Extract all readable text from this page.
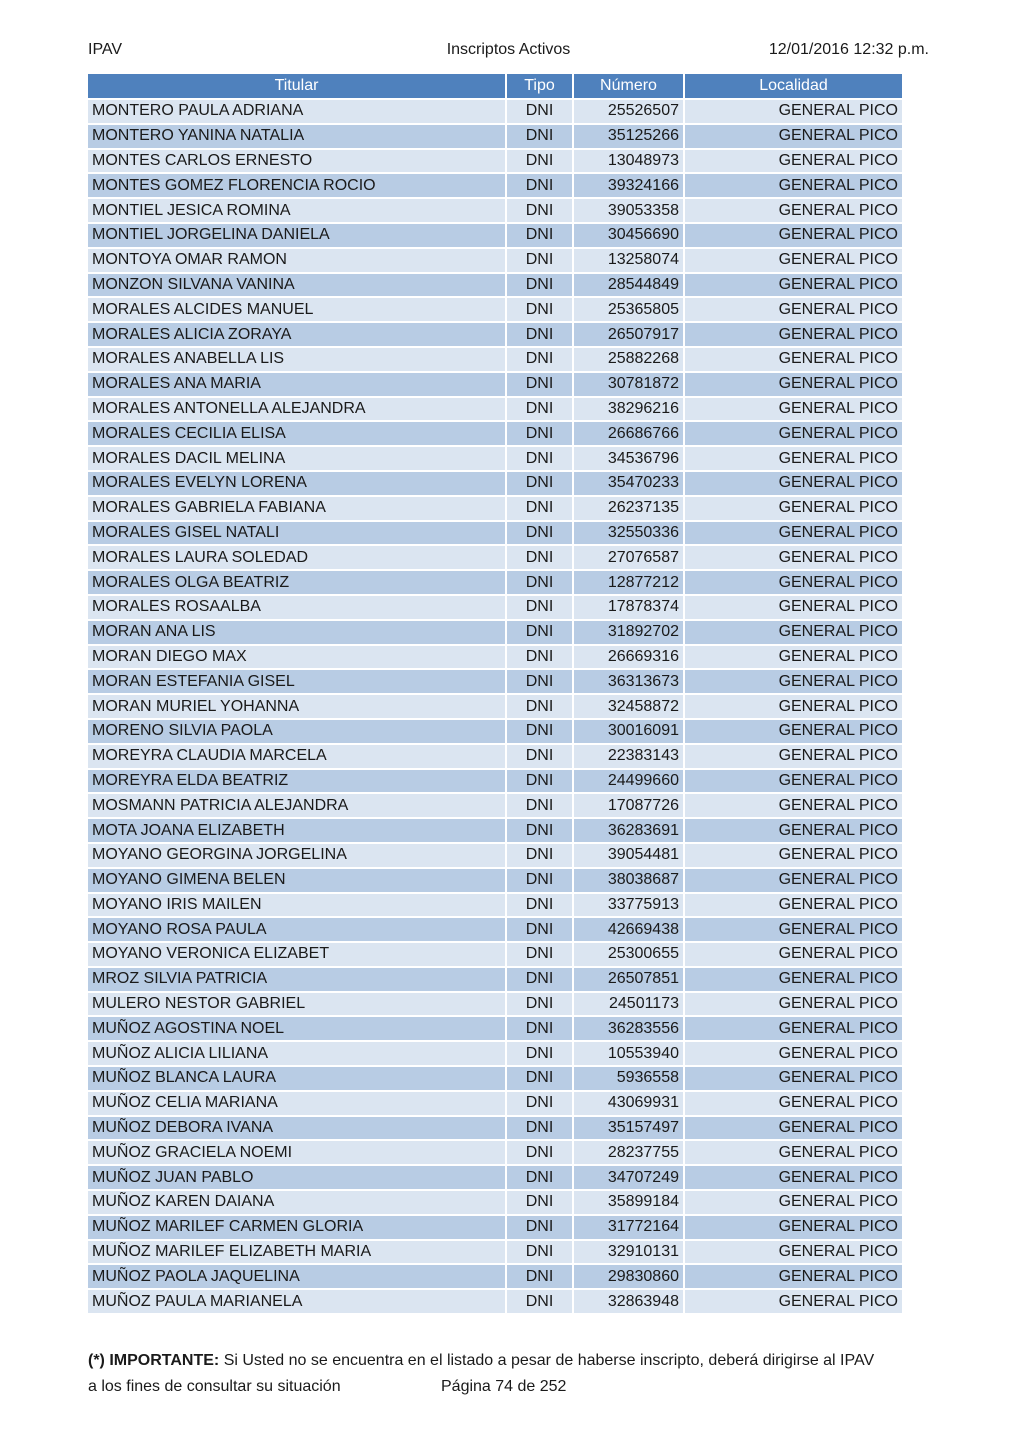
IPAV	Inscriptos Activos	12/01/2016 12:32 p.m.
Titular	Tipo	Número	Localidad
MONTERO PAULA ADRIANA	DNI	25526507	GENERAL PICO
MONTERO YANINA NATALIA	DNI	35125266	GENERAL PICO
MONTES CARLOS ERNESTO	DNI	13048973	GENERAL PICO
MONTES GOMEZ FLORENCIA ROCIO	DNI	39324166	GENERAL PICO
MONTIEL JESICA ROMINA	DNI	39053358	GENERAL PICO
MONTIEL JORGELINA DANIELA	DNI	30456690	GENERAL PICO
MONTOYA OMAR RAMON	DNI	13258074	GENERAL PICO
MONZON SILVANA VANINA	DNI	28544849	GENERAL PICO
MORALES ALCIDES MANUEL	DNI	25365805	GENERAL PICO
MORALES ALICIA ZORAYA	DNI	26507917	GENERAL PICO
MORALES ANABELLA LIS	DNI	25882268	GENERAL PICO
MORALES ANA MARIA	DNI	30781872	GENERAL PICO
MORALES ANTONELLA ALEJANDRA	DNI	38296216	GENERAL PICO
MORALES CECILIA ELISA	DNI	26686766	GENERAL PICO
MORALES DACIL MELINA	DNI	34536796	GENERAL PICO
MORALES EVELYN LORENA	DNI	35470233	GENERAL PICO
MORALES GABRIELA FABIANA	DNI	26237135	GENERAL PICO
MORALES GISEL NATALI	DNI	32550336	GENERAL PICO
MORALES LAURA SOLEDAD	DNI	27076587	GENERAL PICO
MORALES OLGA BEATRIZ	DNI	12877212	GENERAL PICO
MORALES ROSAALBA	DNI	17878374	GENERAL PICO
MORAN ANA LIS	DNI	31892702	GENERAL PICO
MORAN DIEGO MAX	DNI	26669316	GENERAL PICO
MORAN ESTEFANIA GISEL	DNI	36313673	GENERAL PICO
MORAN MURIEL YOHANNA	DNI	32458872	GENERAL PICO
MORENO SILVIA PAOLA	DNI	30016091	GENERAL PICO
MOREYRA CLAUDIA MARCELA	DNI	22383143	GENERAL PICO
MOREYRA ELDA BEATRIZ	DNI	24499660	GENERAL PICO
MOSMANN PATRICIA ALEJANDRA	DNI	17087726	GENERAL PICO
MOTA JOANA ELIZABETH	DNI	36283691	GENERAL PICO
MOYANO GEORGINA JORGELINA	DNI	39054481	GENERAL PICO
MOYANO GIMENA BELEN	DNI	38038687	GENERAL PICO
MOYANO IRIS MAILEN	DNI	33775913	GENERAL PICO
MOYANO ROSA PAULA	DNI	42669438	GENERAL PICO
MOYANO VERONICA ELIZABET	DNI	25300655	GENERAL PICO
MROZ SILVIA PATRICIA	DNI	26507851	GENERAL PICO
MULERO NESTOR GABRIEL	DNI	24501173	GENERAL PICO
MUÑOZ AGOSTINA NOEL	DNI	36283556	GENERAL PICO
MUÑOZ ALICIA LILIANA	DNI	10553940	GENERAL PICO
MUÑOZ BLANCA LAURA	DNI	5936558	GENERAL PICO
MUÑOZ CELIA MARIANA	DNI	43069931	GENERAL PICO
MUÑOZ DEBORA IVANA	DNI	35157497	GENERAL PICO
MUÑOZ GRACIELA NOEMI	DNI	28237755	GENERAL PICO
MUÑOZ JUAN PABLO	DNI	34707249	GENERAL PICO
MUÑOZ KAREN DAIANA	DNI	35899184	GENERAL PICO
MUÑOZ MARILEF CARMEN GLORIA	DNI	31772164	GENERAL PICO
MUÑOZ MARILEF ELIZABETH MARIA	DNI	32910131	GENERAL PICO
MUÑOZ PAOLA JAQUELINA	DNI	29830860	GENERAL PICO
MUÑOZ PAULA MARIANELA	DNI	32863948	GENERAL PICO
(*) IMPORTANTE: Si Usted no se encuentra en el listado a pesar de haberse inscripto, deberá dirigirse al IPAV
a los fines de consultar su situación	Página 74 de 252
